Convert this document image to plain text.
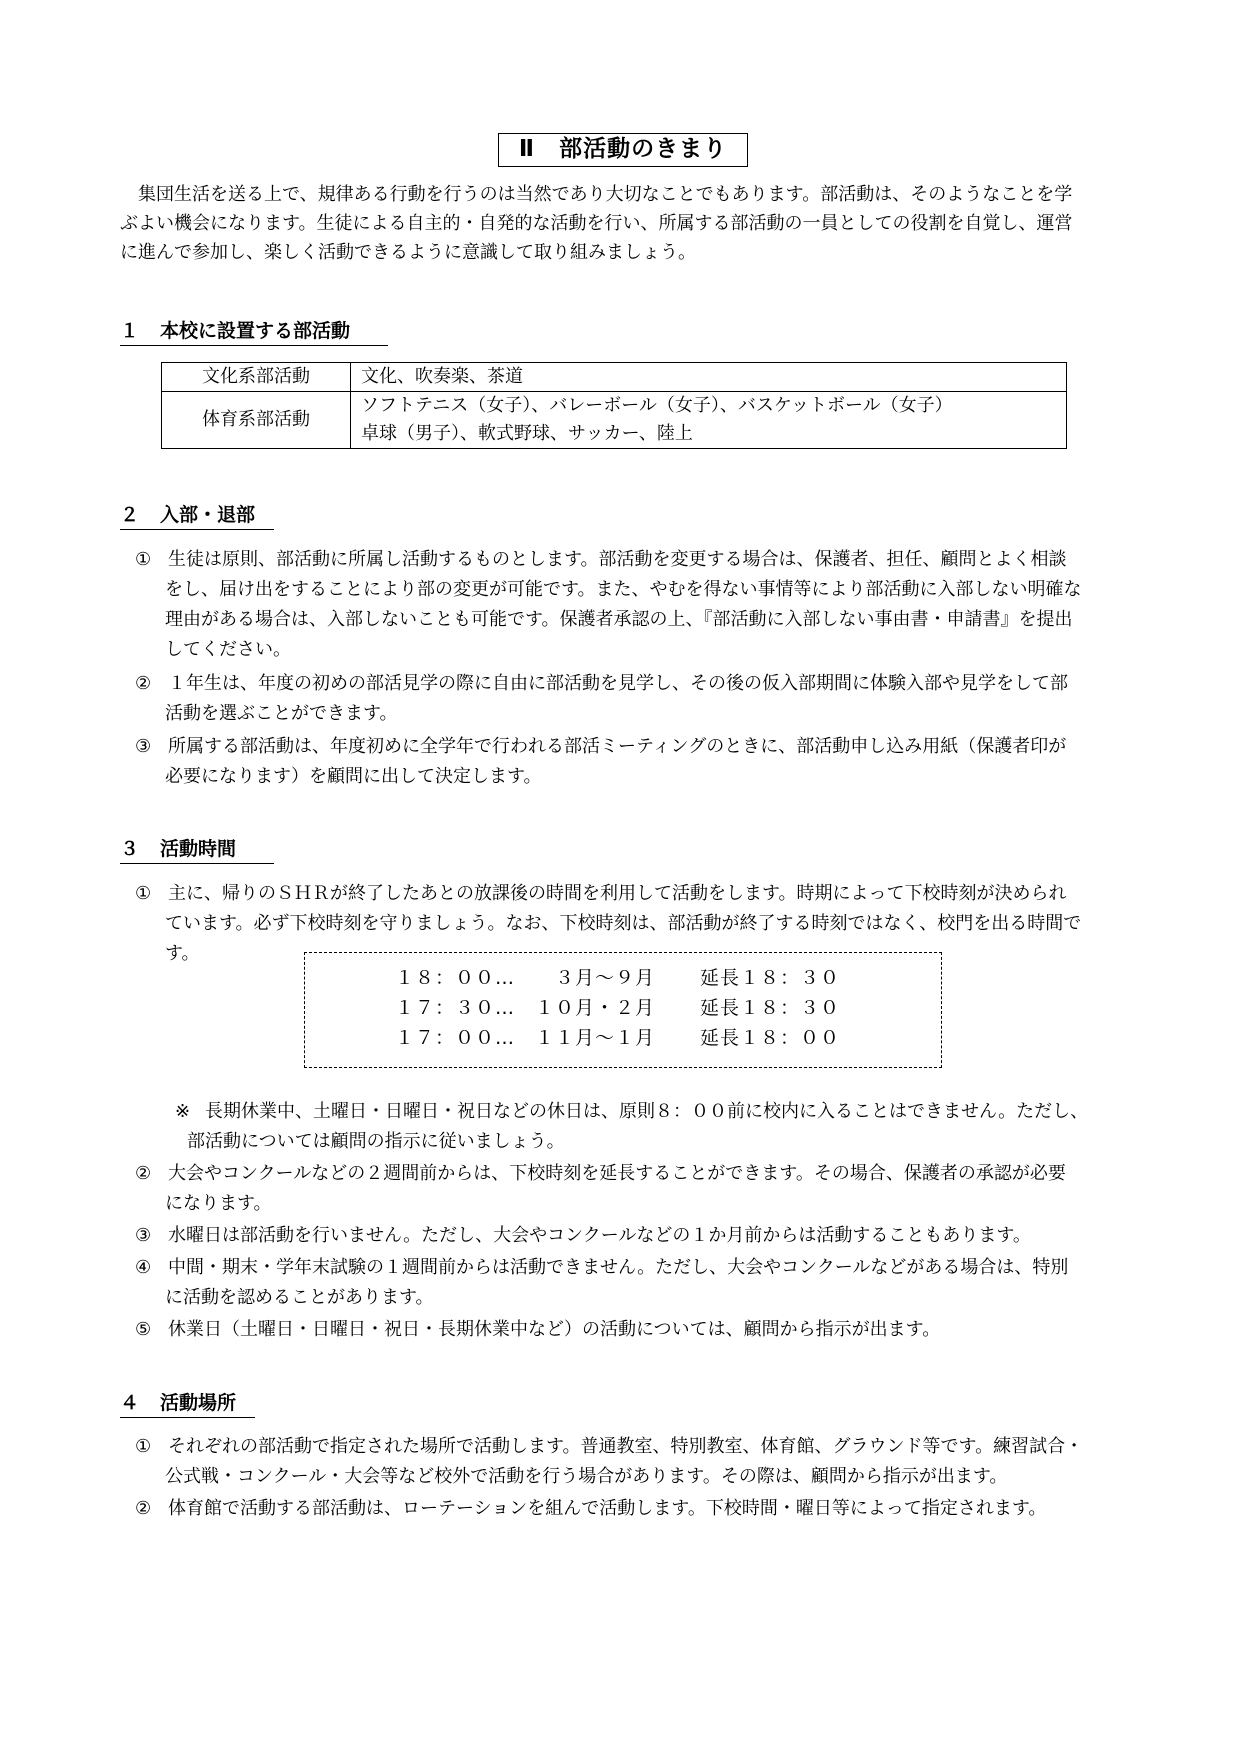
Ⅱ　部活動のきまり
　集団生活を送る上で、規律ある行動を行うのは当然であり大切なことでもあります。部活動は、そのようなことを学
ぶよい機会になります。生徒による自主的・自発的な活動を行い、所属する部活動の一員としての役割を自覚し、運営
に進んで参加し、楽しく活動できるように意識して取り組みましょう。
１ 本校に設置する部活動　　
文化系部活動	文化、吹奏楽、茶道
体育系部活動	ソフトテニス（女子）、バレーボール（女子）、バスケットボール（女子）
卓球（男子）、軟式野球、サッカー、陸上
２ 入部・退部　
① 生徒は原則、部活動に所属し活動するものとします。部活動を変更する場合は、保護者、担任、顧問とよく相談
をし、届け出をすることにより部の変更が可能です。また、やむを得ない事情等により部活動に入部しない明確な
理由がある場合は、入部しないことも可能です。保護者承認の上、『部活動に入部しない事由書・申請書』を提出
してください。
② １年生は、年度の初めの部活見学の際に自由に部活動を見学し、その後の仮入部期間に体験入部や見学をして部
活動を選ぶことができます。
③ 所属する部活動は、年度初めに全学年で行われる部活ミーティングのときに、部活動申し込み用紙（保護者印が
必要になります）を顧問に出して決定します。
３ 活動時間　　
① 主に、帰りのＳＨＲが終了したあとの放課後の時間を利用して活動をします。時期によって下校時刻が決められ
ています。必ず下校時刻を守りましょう。なお、下校時刻は、部活動が終了する時刻ではなく、校門を出る時間で
す。
１８：００… 　３月～９月 延長１８：３０
１７：３０… １０月・２月 延長１８：３０
１７：００… １１月～１月 延長１８：００
※ 長期休業中、土曜日・日曜日・祝日などの休日は、原則８：００前に校内に入ることはできません。ただし、
部活動については顧問の指示に従いましょう。
② 大会やコンクールなどの２週間前からは、下校時刻を延長することができます。その場合、保護者の承認が必要
になります。
③ 水曜日は部活動を行いません。ただし、大会やコンクールなどの１か月前からは活動することもあります。
④ 中間・期末・学年末試験の１週間前からは活動できません。ただし、大会やコンクールなどがある場合は、特別
に活動を認めることがあります。
⑤ 休業日（土曜日・日曜日・祝日・長期休業中など）の活動については、顧問から指示が出ます。
４ 活動場所　
① それぞれの部活動で指定された場所で活動します。普通教室、特別教室、体育館、グラウンド等です。練習試合・
公式戦・コンクール・大会等など校外で活動を行う場合があります。その際は、顧問から指示が出ます。
② 体育館で活動する部活動は、ローテーションを組んで活動します。下校時間・曜日等によって指定されます。
